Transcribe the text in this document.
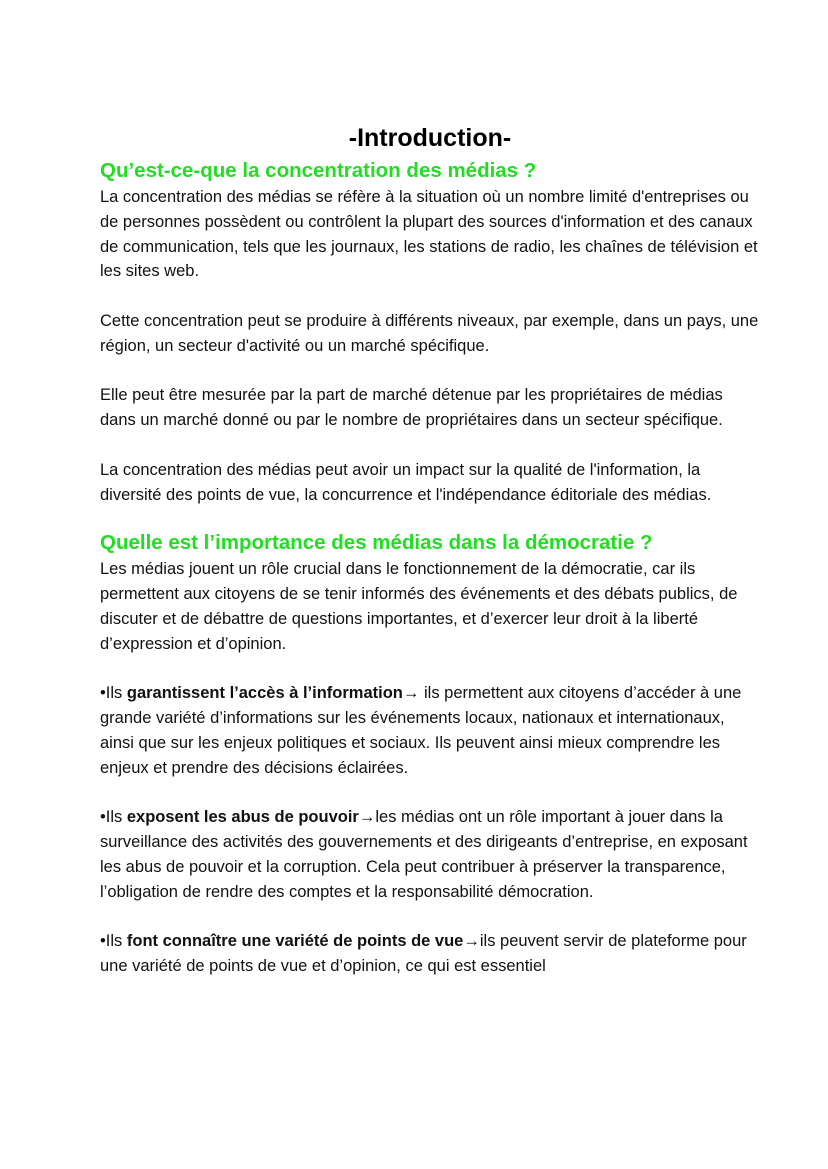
-Introduction-
Qu’est-ce-que la concentration des médias ?

La concentration des médias se réfère à la situation où un nombre limité d'entreprises ou de personnes possèdent ou contrôlent la plupart des sources d'information et des canaux de communication, tels que les journaux, les stations de radio, les chaînes de télévision et les sites web.

Cette concentration peut se produire à différents niveaux, par exemple, dans un pays, une région, un secteur d'activité ou un marché spécifique.

Elle peut être mesurée par la part de marché détenue par les propriétaires de médias dans un marché donné ou par le nombre de propriétaires dans un secteur spécifique.

La concentration des médias peut avoir un impact sur la qualité de l'information, la diversité des points de vue, la concurrence et l'indépendance éditoriale des médias.

Quelle est l’importance des médias dans la démocratie ?

Les médias jouent un rôle crucial dans le fonctionnement de la démocratie, car ils permettent aux citoyens de se tenir informés des événements et des débats publics, de discuter et de débattre de questions importantes, et d’exercer leur droit à la liberté d’expression et d’opinion.

•Ils garantissent l’accès à l’information→ ils permettent aux citoyens d’accéder à une grande variété d’informations sur les événements locaux, nationaux et internationaux, ainsi que sur les enjeux politiques et sociaux. Ils peuvent ainsi mieux comprendre les enjeux et prendre des décisions éclairées.

•Ils exposent les abus de pouvoir→les médias ont un rôle important à jouer dans la surveillance des activités des gouvernements et des dirigeants d’entreprise, en exposant les abus de pouvoir et la corruption. Cela peut contribuer à préserver la transparence, l’obligation de rendre des comptes et la responsabilité démocration.

•Ils font connaître une variété de points de vue→ils peuvent servir de plateforme pour une variété de points de vue et d’opinion, ce qui est essentiel
